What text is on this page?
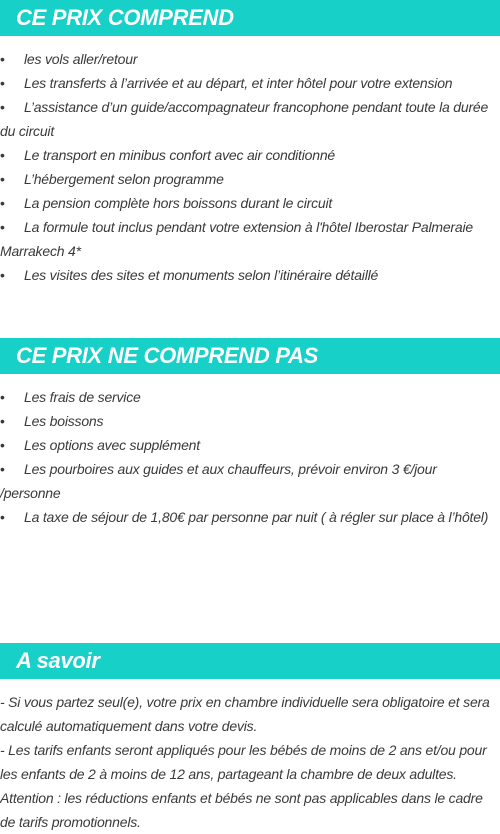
CE PRIX COMPREND
• les vols aller/retour
• Les transferts à l’arrivée et au départ, et inter hôtel pour votre extension
• L’assistance d’un guide/accompagnateur francophone pendant toute la durée du circuit
• Le transport en minibus confort avec air conditionné
• L’hébergement selon programme
• La pension complète hors boissons durant le circuit
• La formule tout inclus pendant votre extension à l'hôtel Iberostar Palmeraie Marrakech 4*
• Les visites des sites et monuments selon l’itinéraire détaillé
CE PRIX NE COMPREND PAS
• Les frais de service
• Les boissons
• Les options avec supplément
• Les pourboires aux guides et aux chauffeurs, prévoir environ 3 €/jour /personne
• La taxe de séjour de 1,80€ par personne par nuit ( à régler sur place à l’hôtel)
A savoir

- Si vous partez seul(e), votre prix en chambre individuelle sera obligatoire et sera calculé automatiquement dans votre devis.

- Les tarifs enfants seront appliqués pour les bébés de moins de 2 ans et/ou pour les enfants de 2 à moins de 12 ans, partageant la chambre de deux adultes. Attention : les réductions enfants et bébés ne sont pas applicables dans le cadre de tarifs promotionnels.
